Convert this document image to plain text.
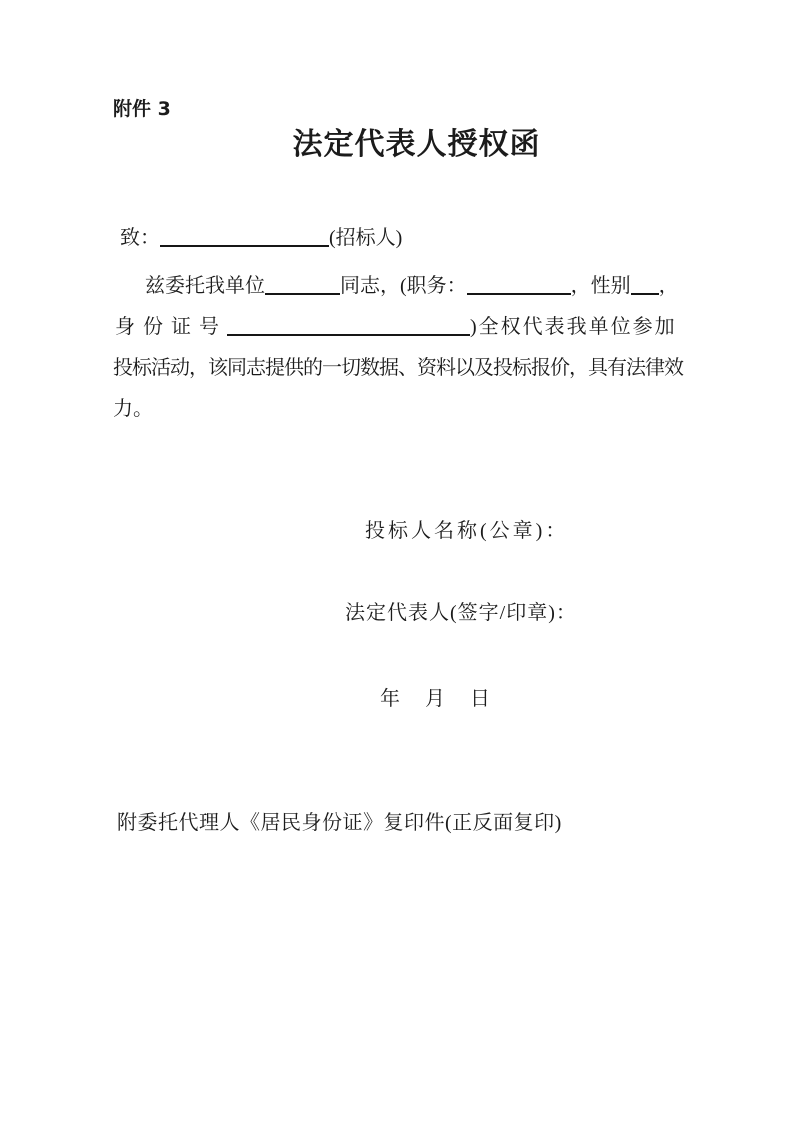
附件 3
法定代表人授权函
致：	(招标人)
兹委托我单位	同志，(职务：	，性别 ，
身份证号	)全权代表我单位参加
投标活动，该同志提供的一切数据、资料以及投标报价，具有法律效
力。
投标人名称(公章)：
法定代表人(签字/印章)：
年 月 日
附委托代理人《居民身份证》复印件(正反面复印)
